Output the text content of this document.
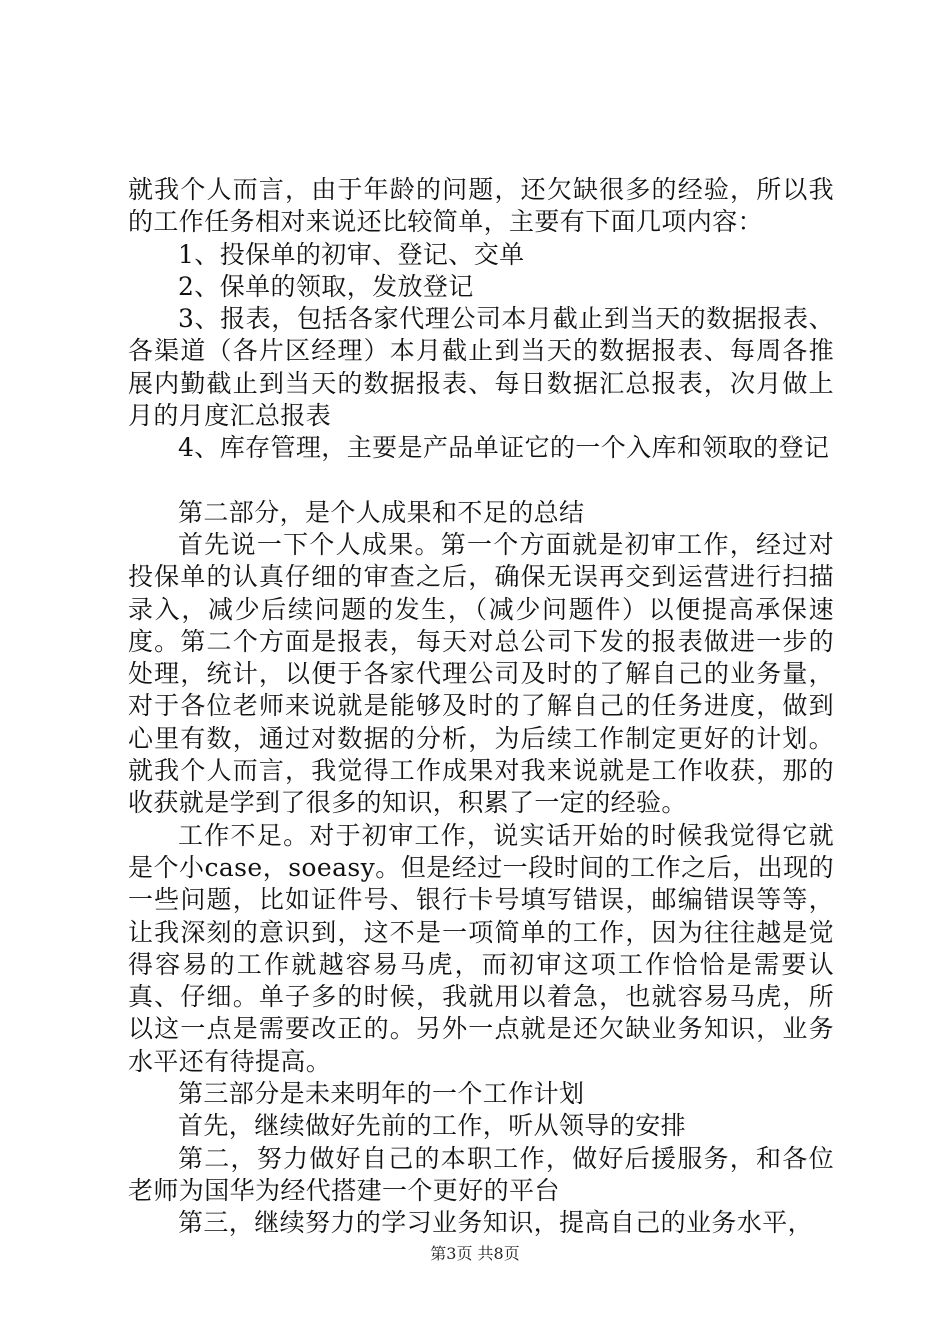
就我个人而言，由于年龄的问题，还欠缺很多的经验，所以我的工作任务相对来说还比较简单，主要有下面几项内容：

1、投保单的初审、登记、交单

2、保单的领取，发放登记

3、报表，包括各家代理公司本月截止到当天的数据报表、各渠道（各片区经理）本月截止到当天的数据报表、每周各推展内勤截止到当天的数据报表、每日数据汇总报表，次月做上月的月度汇总报表

4、库存管理，主要是产品单证它的一个入库和领取的登记

第二部分，是个人成果和不足的总结

首先说一下个人成果。第一个方面就是初审工作，经过对投保单的认真仔细的审查之后，确保无误再交到运营进行扫描录入，减少后续问题的发生，（减少问题件）以便提高承保速度。第二个方面是报表，每天对总公司下发的报表做进一步的处理，统计，以便于各家代理公司及时的了解自己的业务量，对于各位老师来说就是能够及时的了解自己的任务进度，做到心里有数，通过对数据的分析，为后续工作制定更好的计划。就我个人而言，我觉得工作成果对我来说就是工作收获，那的收获就是学到了很多的知识，积累了一定的经验。

工作不足。对于初审工作，说实话开始的时候我觉得它就是个小case，soeasy。但是经过一段时间的工作之后，出现的一些问题，比如证件号、银行卡号填写错误，邮编错误等等，让我深刻的意识到，这不是一项简单的工作，因为往往越是觉得容易的工作就越容易马虎，而初审这项工作恰恰是需要认真、仔细。单子多的时候，我就用以着急，也就容易马虎，所以这一点是需要改正的。另外一点就是还欠缺业务知识，业务水平还有待提高。

第三部分是未来明年的一个工作计划

首先，继续做好先前的工作，听从领导的安排

第二，努力做好自己的本职工作，做好后援服务，和各位老师为国华为经代搭建一个更好的平台

第三，继续努力的学习业务知识，提高自己的业务水平，

第3页 共8页
